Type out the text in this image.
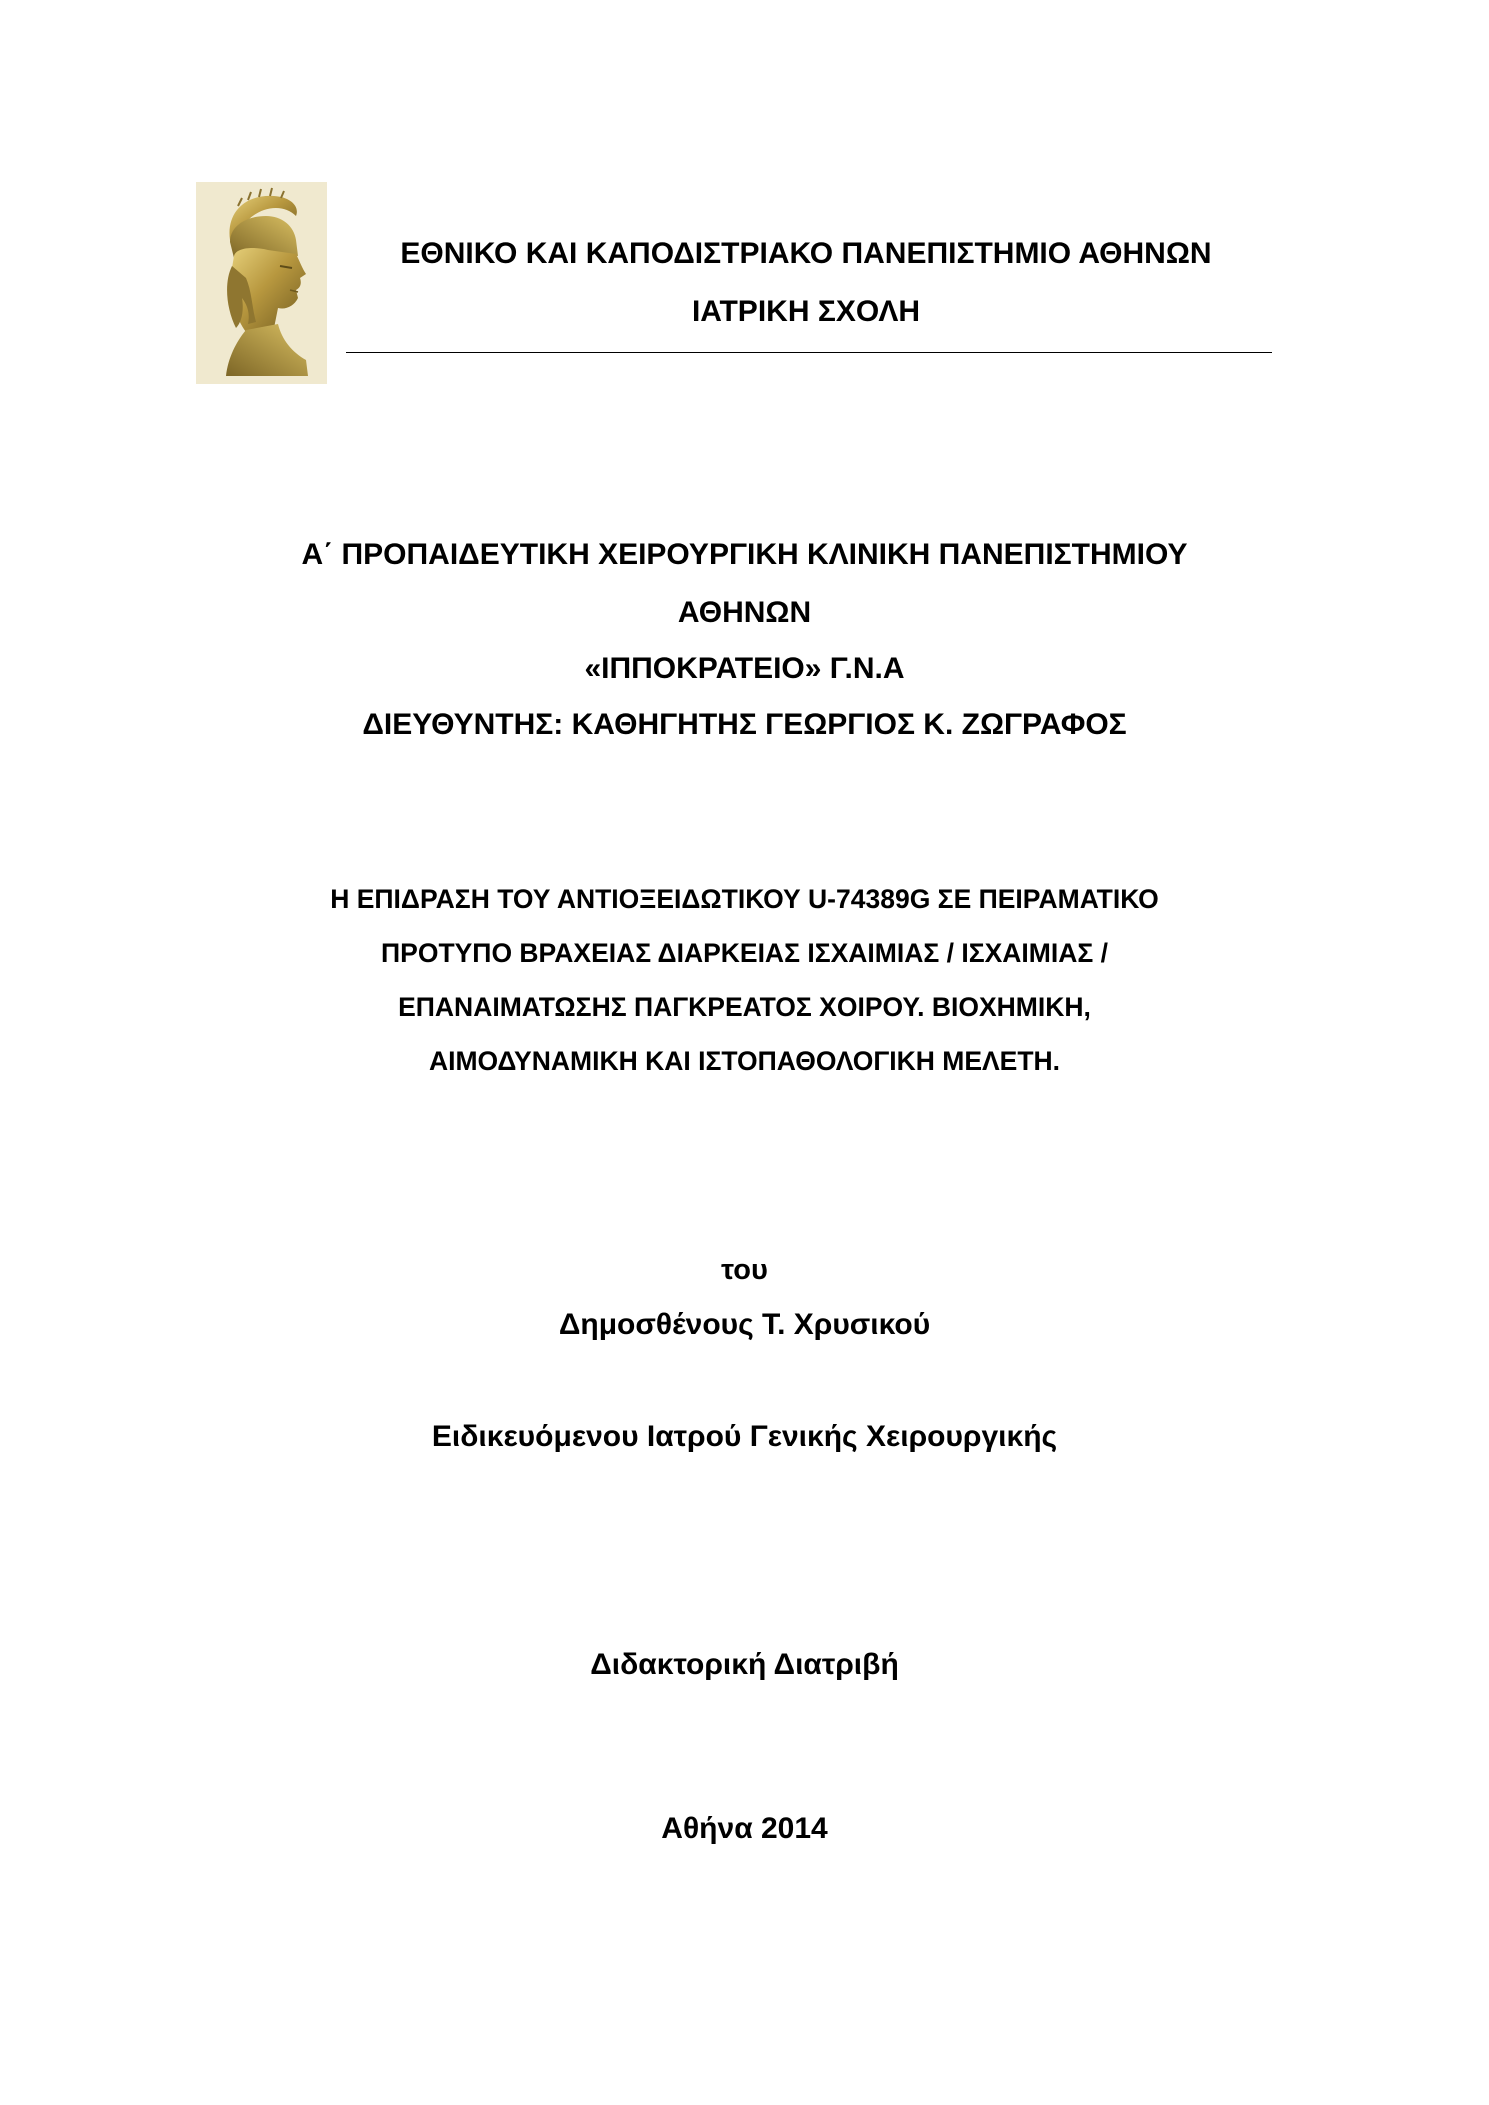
ΕΘΝΙΚΟ ΚΑΙ ΚΑΠΟΔΙΣΤΡΙΑΚΟ ΠΑΝΕΠΙΣΤΗΜΙΟ ΑΘΗΝΩΝ
ΙΑΤΡΙΚΗ ΣΧΟΛΗ
Α΄ ΠΡΟΠΑΙΔΕΥΤΙΚΗ ΧΕΙΡΟΥΡΓΙΚΗ ΚΛΙΝΙΚΗ ΠΑΝΕΠΙΣΤΗΜΙΟΥ
ΑΘΗΝΩΝ
«ΙΠΠΟΚΡΑΤΕΙΟ» Γ.Ν.Α
ΔΙΕΥΘΥΝΤΗΣ: ΚΑΘΗΓΗΤΗΣ ΓΕΩΡΓΙΟΣ Κ. ΖΩΓΡΑΦΟΣ
Η ΕΠΙΔΡΑΣΗ ΤΟΥ ΑΝΤΙΟΞΕΙΔΩΤΙΚΟΥ U-74389G ΣΕ ΠΕΙΡΑΜΑΤΙΚΟ
ΠΡΟΤΥΠΟ ΒΡΑΧΕΙΑΣ ΔΙΑΡΚΕΙΑΣ ΙΣΧΑΙΜΙΑΣ / ΙΣΧΑΙΜΙΑΣ /
ΕΠΑΝΑΙΜΑΤΩΣΗΣ ΠΑΓΚΡΕΑΤΟΣ ΧΟΙΡΟΥ. ΒΙΟΧΗΜΙΚΗ,
ΑΙΜΟΔΥΝΑΜΙΚΗ ΚΑΙ ΙΣΤΟΠΑΘΟΛΟΓΙΚΗ ΜΕΛΕΤΗ.
του
Δημοσθένους Τ. Χρυσικού
Ειδικευόμενου Ιατρού Γενικής Χειρουργικής
Διδακτορική Διατριβή
Αθήνα 2014
